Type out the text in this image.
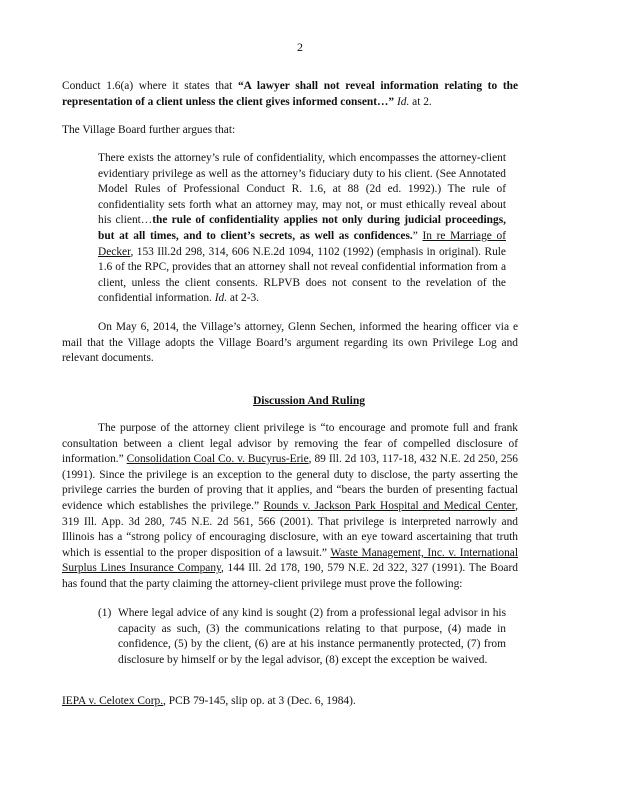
2

Conduct 1.6(a) where it states that “A lawyer shall not reveal information relating to the representation of a client unless the client gives informed consent…” Id. at 2.

The Village Board further argues that:

There exists the attorney’s rule of confidentiality, which encompasses the attorney-client evidentiary privilege as well as the attorney’s fiduciary duty to his client. (See Annotated Model Rules of Professional Conduct R. 1.6, at 88 (2d ed. 1992).) The rule of confidentiality sets forth what an attorney may, may not, or must ethically reveal about his client…the rule of confidentiality applies not only during judicial proceedings, but at all times, and to client’s secrets, as well as confidences.” In re Marriage of Decker, 153 Ill.2d 298, 314, 606 N.E.2d 1094, 1102 (1992) (emphasis in original). Rule 1.6 of the RPC, provides that an attorney shall not reveal confidential information from a client, unless the client consents. RLPVB does not consent to the revelation of the confidential information. Id. at 2-3.

On May 6, 2014, the Village’s attorney, Glenn Sechen, informed the hearing officer via e mail that the Village adopts the Village Board’s argument regarding its own Privilege Log and relevant documents.

Discussion And Ruling

The purpose of the attorney client privilege is “to encourage and promote full and frank consultation between a client legal advisor by removing the fear of compelled disclosure of information.” Consolidation Coal Co. v. Bucyrus-Erie, 89 Ill. 2d 103, 117-18, 432 N.E. 2d 250, 256 (1991). Since the privilege is an exception to the general duty to disclose, the party asserting the privilege carries the burden of proving that it applies, and “bears the burden of presenting factual evidence which establishes the privilege.” Rounds v. Jackson Park Hospital and Medical Center, 319 Ill. App. 3d 280, 745 N.E. 2d 561, 566 (2001). That privilege is interpreted narrowly and Illinois has a “strong policy of encouraging disclosure, with an eye toward ascertaining that truth which is essential to the proper disposition of a lawsuit.” Waste Management, Inc. v. International Surplus Lines Insurance Company, 144 Ill. 2d 178, 190, 579 N.E. 2d 322, 327 (1991). The Board has found that the party claiming the attorney-client privilege must prove the following:

(1) Where legal advice of any kind is sought (2) from a professional legal advisor in his capacity as such, (3) the communications relating to that purpose, (4) made in confidence, (5) by the client, (6) are at his instance permanently protected, (7) from disclosure by himself or by the legal advisor, (8) except the exception be waived.

IEPA v. Celotex Corp., PCB 79-145, slip op. at 3 (Dec. 6, 1984).
